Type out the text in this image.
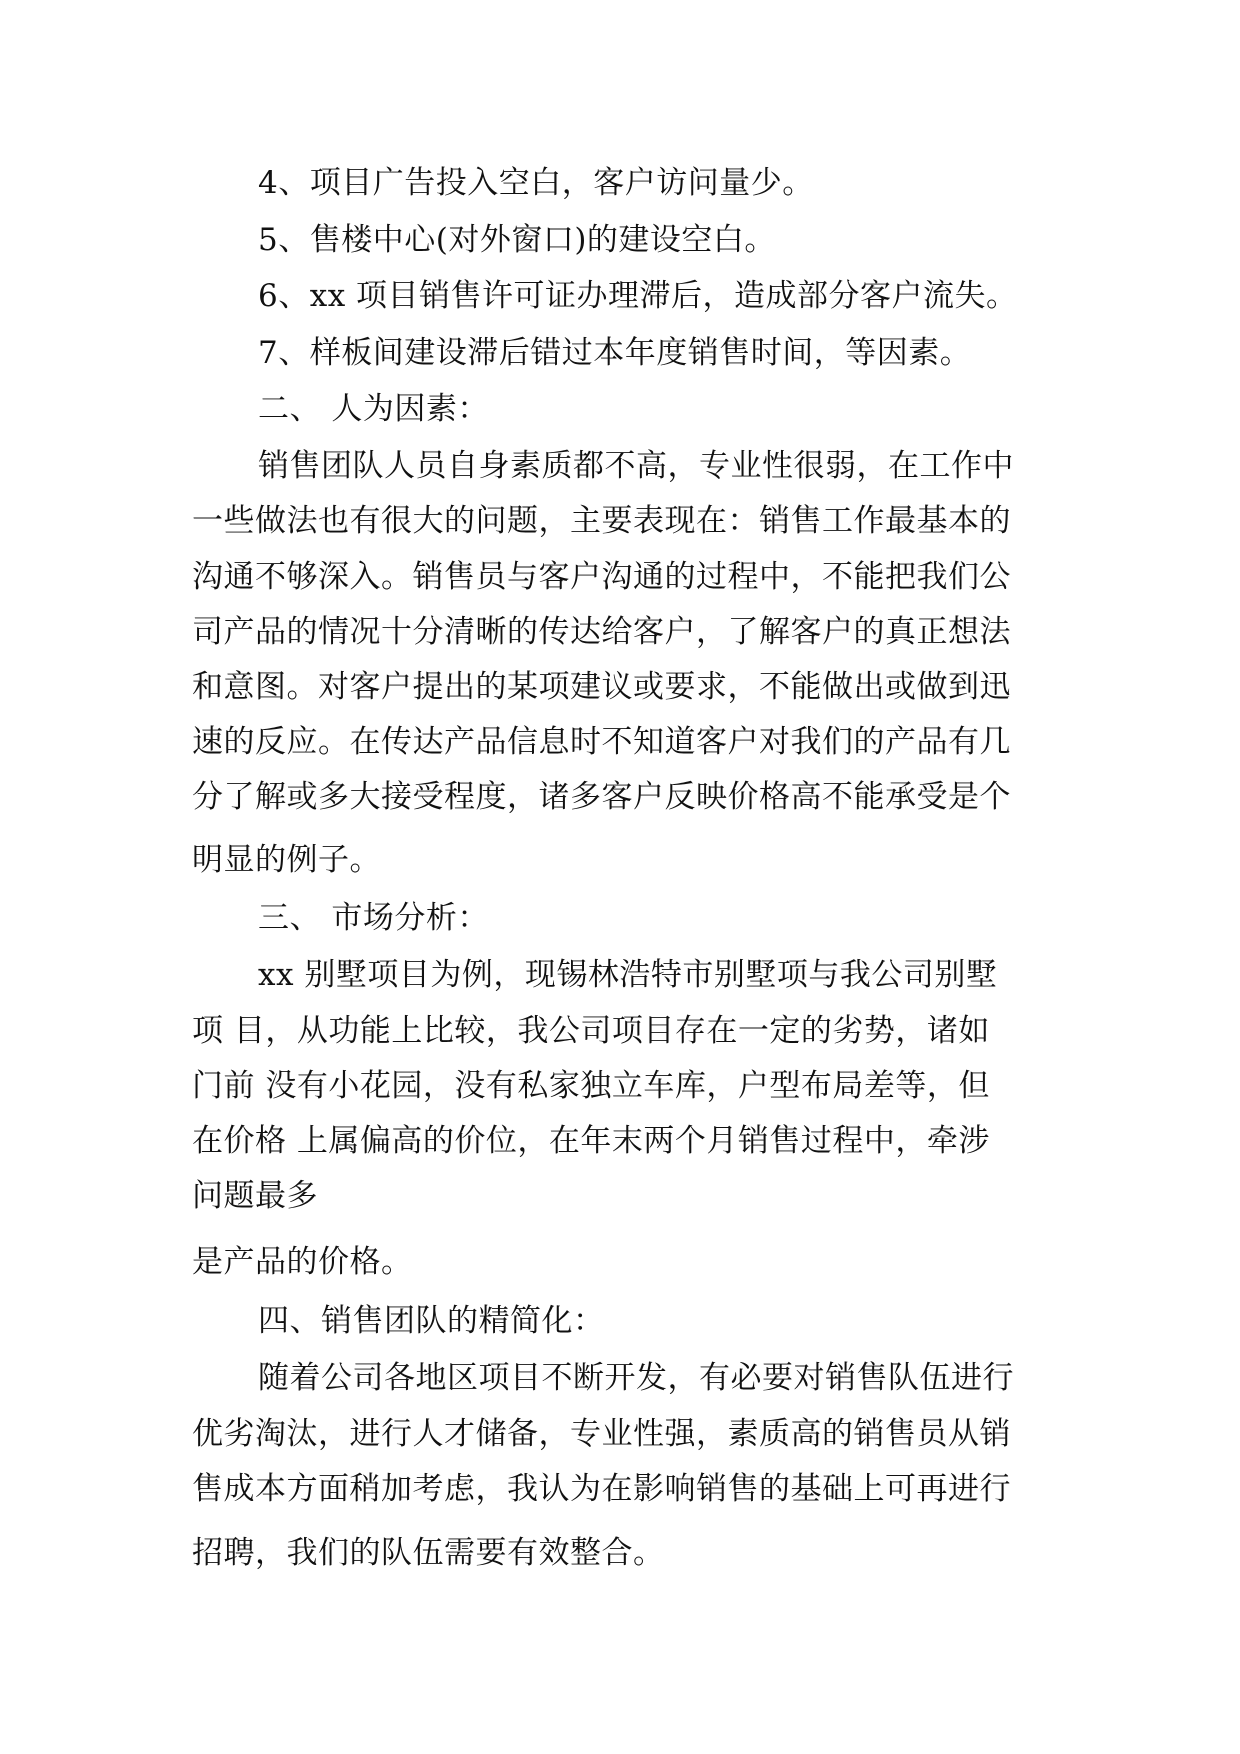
4、项目广告投入空白，客户访问量少。
5、售楼中心(对外窗口)的建设空白。
6、xx 项目销售许可证办理滞后，造成部分客户流失。
7、样板间建设滞后错过本年度销售时间，等因素。
二、 人为因素：
销售团队人员自身素质都不高，专业性很弱，在工作中
一些做法也有很大的问题，主要表现在：销售工作最基本的
沟通不够深入。销售员与客户沟通的过程中，不能把我们公
司产品的情况十分清晰的传达给客户，了解客户的真正想法
和意图。对客户提出的某项建议或要求，不能做出或做到迅
速的反应。在传达产品信息时不知道客户对我们的产品有几
分了解或多大接受程度，诸多客户反映价格高不能承受是个
明显的例子。
三、 市场分析：
xx 别墅项目为例，现锡林浩特市别墅项与我公司别墅
项 目，从功能上比较，我公司项目存在一定的劣势，诸如
门前 没有小花园，没有私家独立车库，户型布局差等，但
在价格 上属偏高的价位，在年末两个月销售过程中，牵涉
问题最多
是产品的价格。
四、销售团队的精简化：
随着公司各地区项目不断开发，有必要对销售队伍进行
优劣淘汰，进行人才储备，专业性强，素质高的销售员从销
售成本方面稍加考虑，我认为在影响销售的基础上可再进行
招聘，我们的队伍需要有效整合。
